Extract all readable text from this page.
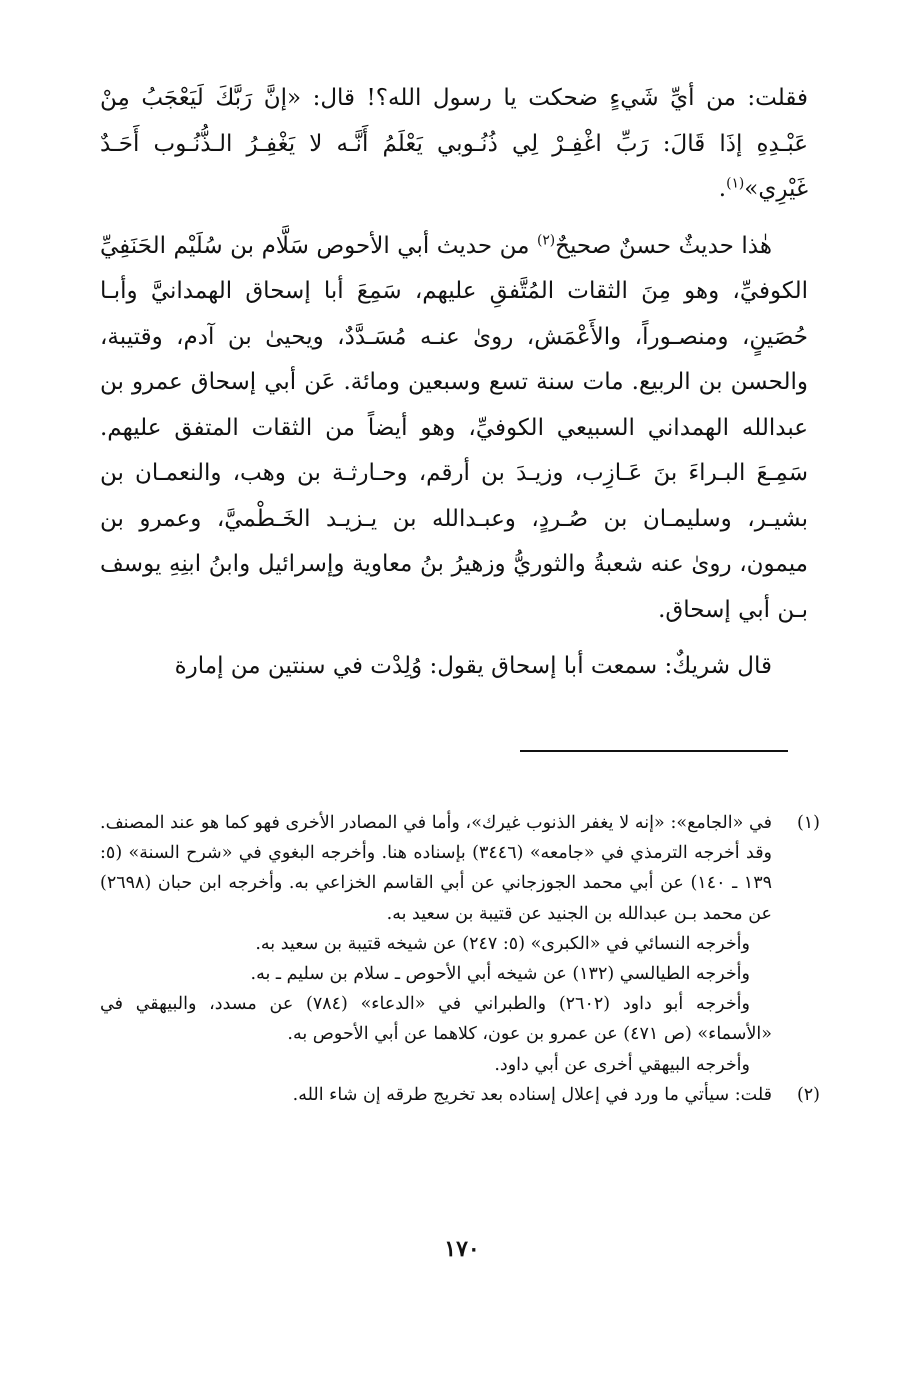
فقلت: من أيِّ شَيءٍ ضحكت يا رسول الله؟! قال: «إنَّ رَبَّكَ لَيَعْجَبُ مِنْ عَبْـدِهِ إذَا قَالَ: رَبِّ اغْفِـرْ لِي ذُنُـوبي يَعْلَمُ أَنَّـه لا يَغْفِـرُ الـذُّنُـوب أَحَـدٌ غَيْرِي»$^{(١)}$.

هٰذا حديثٌ حسنٌ صحيحٌ$^{(٢)}$ من حديث أبي الأحوص سَلَّام بن سُلَيْم الحَنَفِيِّ الكوفيِّ، وهو مِنَ الثقات المُتَّفقِ عليهم، سَمِعَ أبا إسحاق الهمدانيَّ وأبـا حُصَينٍ، ومنصـوراً، والأَعْمَش، روىٰ عنـه مُسَـدَّدٌ، ويحيىٰ بن آدم، وقتيبة، والحسن بن الربيع. مات سنة تسع وسبعين ومائة. عَن أبي إسحاق عمرو بن عبدالله الهمداني السبيعي الكوفيِّ، وهو أيضاً من الثقات المتفق عليهم. سَمِـعَ البـراءَ بنَ عَـازِب، وزيـدَ بن أرقم، وحـارثـة بن وهب، والنعمـان بن بشيـر، وسليمـان بن صُـردٍ، وعبـدالله بن يـزيـد الخَـطْميَّ، وعمرو بن ميمون، روىٰ عنه شعبةُ والثوريُّ وزهيرُ بنُ معاوية وإسرائيل وابنُ ابنِهِ يوسف بـن أبي إسحاق.

قال شريكٌ: سمعت أبا إسحاق يقول: وُلِدْت في سنتين من إمارة

(١)

في «الجامع»: «إنه لا يغفر الذنوب غيرك»، وأما في المصادر الأخرى فهو كما هو عند المصنف. وقد أخرجه الترمذي في «جامعه» (٣٤٤٦) بإسناده هنا. وأخرجه البغوي في «شرح السنة» (٥: ١٣٩ ـ ١٤٠) عن أبي محمد الجوزجاني عن أبي القاسم الخزاعي به. وأخرجه ابن حبان (٢٦٩٨) عن محمد بـن عبدالله بن الجنيد عن قتيبة بن سعيد به.

وأخرجه النسائي في «الكبرى» (٥: ٢٤٧) عن شيخه قتيبة بن سعيد به.

وأخرجه الطيالسي (١٣٢) عن شيخه أبي الأحوص ـ سلام بن سليم ـ به.

وأخرجه أبو داود (٢٦٠٢) والطبراني في «الدعاء» (٧٨٤) عن مسدد، والبيهقي في «الأسماء» (ص ٤٧١) عن عمرو بن عون، كلاهما عن أبي الأحوص به.

وأخرجه البيهقي أخرى عن أبي داود.

(٢)

قلت: سيأتي ما ورد في إعلال إسناده بعد تخريج طرقه إن شاء الله.

١٧٠
